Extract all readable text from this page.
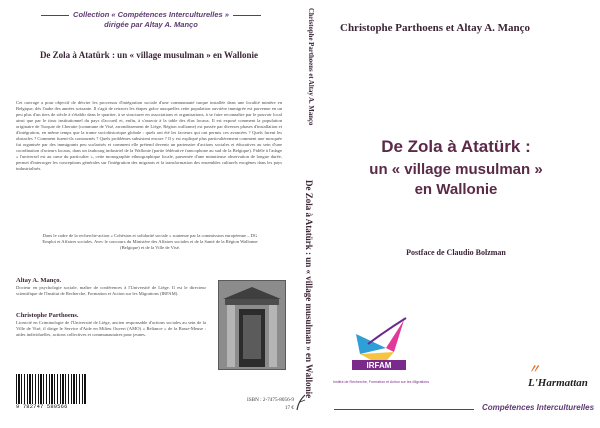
Collection « Compétences Interculturelles »
dirigée par Altay A. Manço
De Zola à Atatürk : un « village musulman » en Wallonie
Cet ouvrage a pour objectif de décrire les processus d'intégration sociale d'une communauté turque installée dans une localité minière en Belgique, dès l'aube des années soixante. Il s'agit de retracer les étapes grâce auxquelles cette population ouvrière immigrée est parvenue en un peu plus d'un tiers de siècle à s'établir dans le quartier, à se structurer en associations et organisations, à se faire reconnaître par le pouvoir local ainsi que par le tissu institutionnel du pays d'accueil et, enfin, à s'asseoir à la table des élus locaux. Il est exposé comment la population originaire de Turquie de Cheratte (commune de Visé, arrondissement de Liège, Région wallonne) est passée par diverses phases d'installation et d'intégration, en même temps que la trame sociohistorique globale : quels ont été les facteurs qui ont permis ces avancées ? Quels furent les obstacles ? Comment furent-ils contournés ? Quels problèmes subsistent encore ? Il y est expliqué plus particulièrement comment une mosquée fut organisée par des immigrants peu scolarisés et comment elle prétend devenir un partenaire d'actions sociales et éducatives au sein d'une coordination d'acteurs locaux, dans un faubourg industriel de la Wallonie (partie fédérative francophone au sud de la Belgique). Fidèle à l'adage « l'universel est au cœur du particulier », cette monographie ethnographique locale, parsemée d'une minutieuse observation de longue durée, permet d'interroger les conceptions générales sur l'intégration des migrants et la transformation des ensembles culturels exogènes dans les pays industrialisés.
Dans le cadre de la recherche-action « Cohésion et solidarité sociale » soutenue par la commission européenne – DG Emploi et Affaires sociales. Avec le concours du Ministère des Affaires sociales et de la Santé de la Région Wallonne (Belgique) et de la Ville de Visé.
Altay A. Manço.
Docteur en psychologie sociale, maître de conférences à l'Université de Liège. Il est le directeur scientifique de l'Institut de Recherche, Formation et Action sur les Migrations (IRFAM).
Christophe Parthoens.
Licencié en Criminologie de l'Université de Liège, ancien responsable d'actions sociales au sein de la Ville de Visé, il dirige le Service d'Aide en Milieu Ouvert (AMO) « Reliance » de la Basse-Meuse : aides individuelles, actions collectives et communautaires pour jeunes.
9 782747 580566
ISBN : 2-7475-8056-9
17 €
Christophe Parthoens et Altay A. Manço
De Zola à Atatürk : un « village musulman » en Wallonie
Christophe Parthoens et Altay A. Manço
De Zola à Atatürk :
un « village musulman »
en Wallonie
Postface de Claudio Bolzman
IRFAM
Institut de Recherche, Formation et Action sur les Migrations
〃L'Harmattan
Compétences Interculturelles
